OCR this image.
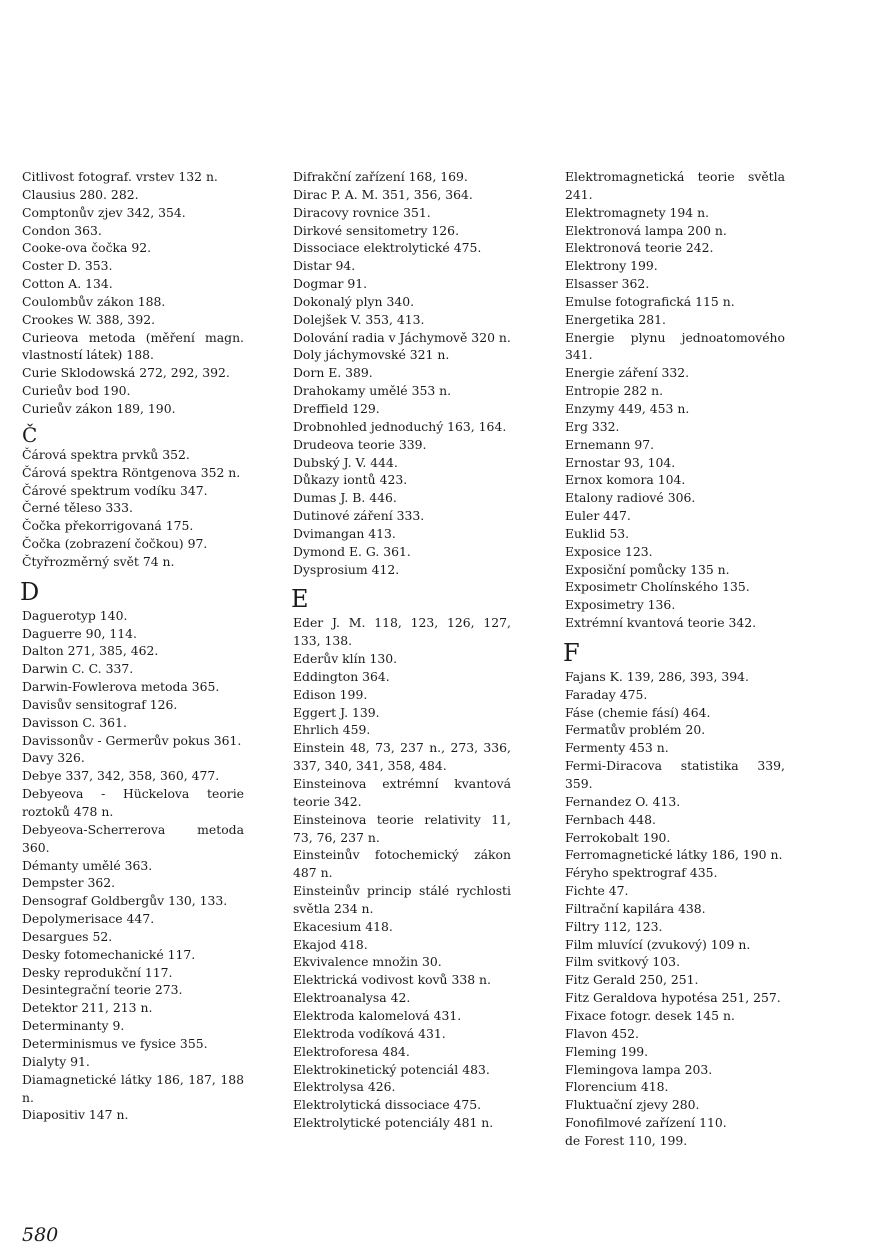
Citlivost fotograf. vrstev 132 n.
Clausius 280. 282.
Comptonův zjev 342, 354.
Condon 363.
Cooke-ova čočka 92.
Coster D. 353.
Cotton A. 134.
Coulombův zákon 188.
Crookes W. 388, 392.
Curieova metoda (měření magn. vlastností látek) 188.
Curie Sklodowská 272, 292, 392.
Curieův bod 190.
Curieův zákon 189, 190.
Č
Čárová spektra prvků 352.
Čárová spektra Röntgenova 352 n.
Čárové spektrum vodíku 347.
Černé těleso 333.
Čočka překorrigovaná 175.
Čočka (zobrazení čočkou) 97.
Čtyřrozměrný svět 74 n.
D
Daguerotyp 140.
Daguerre 90, 114.
Dalton 271, 385, 462.
Darwin C. C. 337.
Darwin-Fowlerova metoda 365.
Davisův sensitograf 126.
Davisson C. 361.
Davissonův - Germerův pokus 361.
Davy 326.
Debye 337, 342, 358, 360, 477.
Debyeova - Hückelova teorie roztoků 478 n.
Debyeova-Scherrerova metoda 360.
Démanty umělé 363.
Dempster 362.
Densograf Goldbergův 130, 133.
Depolymerisace 447.
Desargues 52.
Desky fotomechanické 117.
Desky reprodukční 117.
Desintegrační teorie 273.
Detektor 211, 213 n.
Determinanty 9.
Determinismus ve fysice 355.
Dialyty 91.
Diamagnetické látky 186, 187, 188 n.
Diapositiv 147 n.
Difrakční zařízení 168, 169.
Dirac P. A. M. 351, 356, 364.
Diracovy rovnice 351.
Dirkové sensitometry 126.
Dissociace elektrolytické 475.
Distar 94.
Dogmar 91.
Dokonalý plyn 340.
Dolejšek V. 353, 413.
Dolování radia v Jáchymově 320 n.
Doly jáchymovské 321 n.
Dorn E. 389.
Drahokamy umělé 353 n.
Dreffield 129.
Drobnohled jednoduchý 163, 164.
Drudeova teorie 339.
Dubský J. V. 444.
Důkazy iontů 423.
Dumas J. B. 446.
Dutinové záření 333.
Dvimangan 413.
Dymond E. G. 361.
Dysprosium 412.
E
Eder J. M. 118, 123, 126, 127, 133, 138.
Ederův klín 130.
Eddington 364.
Edison 199.
Eggert J. 139.
Ehrlich 459.
Einstein 48, 73, 237 n., 273, 336, 337, 340, 341, 358, 484.
Einsteinova extrémní kvantová teorie 342.
Einsteinova teorie relativity 11, 73, 76, 237 n.
Einsteinův fotochemický zákon 487 n.
Einsteinův princip stálé rychlosti světla 234 n.
Ekacesium 418.
Ekajod 418.
Ekvivalence množin 30.
Elektrická vodivost kovů 338 n.
Elektroanalysa 42.
Elektroda kalomelová 431.
Elektroda vodíková 431.
Elektroforesa 484.
Elektrokinetický potenciál 483.
Elektrolysa 426.
Elektrolytická dissociace 475.
Elektrolytické potenciály 481 n.
Elektromagnetická teorie světla 241.
Elektromagnety 194 n.
Elektronová lampa 200 n.
Elektronová teorie 242.
Elektrony 199.
Elsasser 362.
Emulse fotografická 115 n.
Energetika 281.
Energie plynu jednoatomového 341.
Energie záření 332.
Entropie 282 n.
Enzymy 449, 453 n.
Erg 332.
Ernemann 97.
Ernostar 93, 104.
Ernox komora 104.
Etalony radiové 306.
Euler 447.
Euklid 53.
Exposice 123.
Exposiční pomůcky 135 n.
Exposimetr Cholínského 135.
Exposimetry 136.
Extrémní kvantová teorie 342.
F
Fajans K. 139, 286, 393, 394.
Faraday 475.
Fáse (chemie fásí) 464.
Fermatův problém 20.
Fermenty 453 n.
Fermi-Diracova statistika 339, 359.
Fernandez O. 413.
Fernbach 448.
Ferrokobalt 190.
Ferromagnetické látky 186, 190 n.
Féryho spektrograf 435.
Fichte 47.
Filtrační kapilára 438.
Filtry 112, 123.
Film mluvící (zvukový) 109 n.
Film svitkový 103.
Fitz Gerald 250, 251.
Fitz Geraldova hypotésa 251, 257.
Fixace fotogr. desek 145 n.
Flavon 452.
Fleming 199.
Flemingova lampa 203.
Florencium 418.
Fluktuační zjevy 280.
Fonofilmové zařízení 110.
de Forest 110, 199.
580
